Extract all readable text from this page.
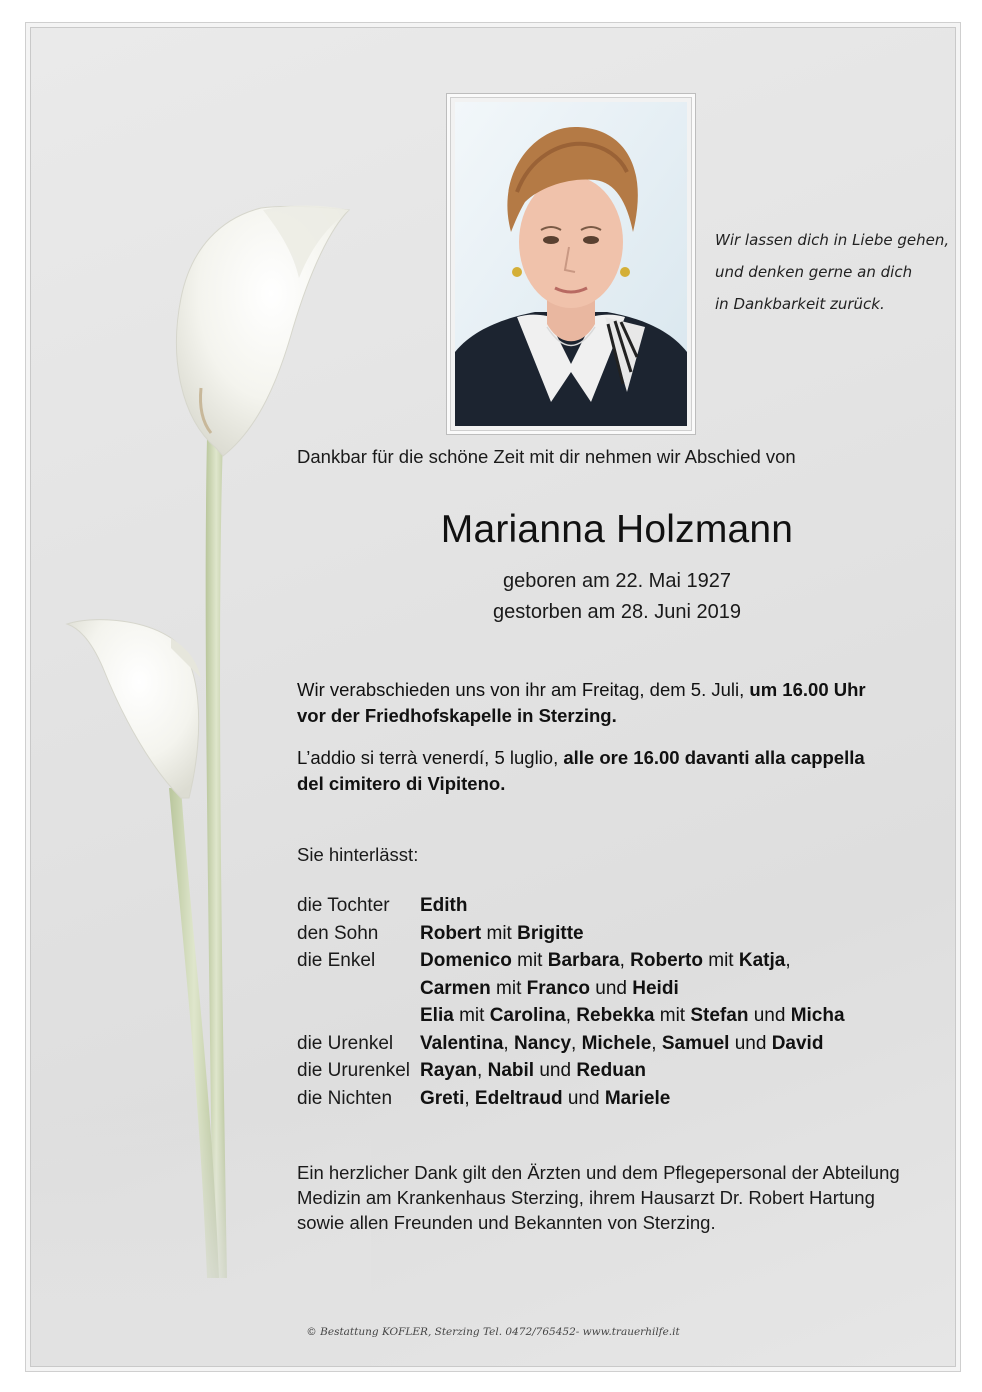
Wir lassen dich in Liebe gehen,
und denken gerne an dich
in Dankbarkeit zurück.
Dankbar für die schöne Zeit mit dir nehmen wir Abschied von
Marianna Holzmann
geboren am 22. Mai 1927
gestorben am 28. Juni 2019
Wir verabschieden uns von ihr am Freitag, dem 5. Juli, um 16.00 Uhr
vor der Friedhofskapelle in Sterzing.
L’addio si terrà venerdí, 5 luglio, alle ore 16.00 davanti alla cappella
del cimitero di Vipiteno.
Sie hinterlässt:
die Tochter	Edith
den Sohn	Robert mit Brigitte
die Enkel	Domenico mit Barbara, Roberto mit Katja,
Carmen mit Franco und Heidi
Elia mit Carolina, Rebekka mit Stefan und Micha
die Urenkel	Valentina, Nancy, Michele, Samuel und David
die Ururenkel Rayan, Nabil und Reduan
die Nichten	Greti, Edeltraud und Mariele
Ein herzlicher Dank gilt den Ärzten und dem Pflegepersonal der Abteilung
Medizin am Krankenhaus Sterzing, ihrem Hausarzt Dr. Robert Hartung
sowie allen Freunden und Bekannten von Sterzing.
© Bestattung KOFLER, Sterzing Tel. 0472/765452- www.trauerhilfe.it
